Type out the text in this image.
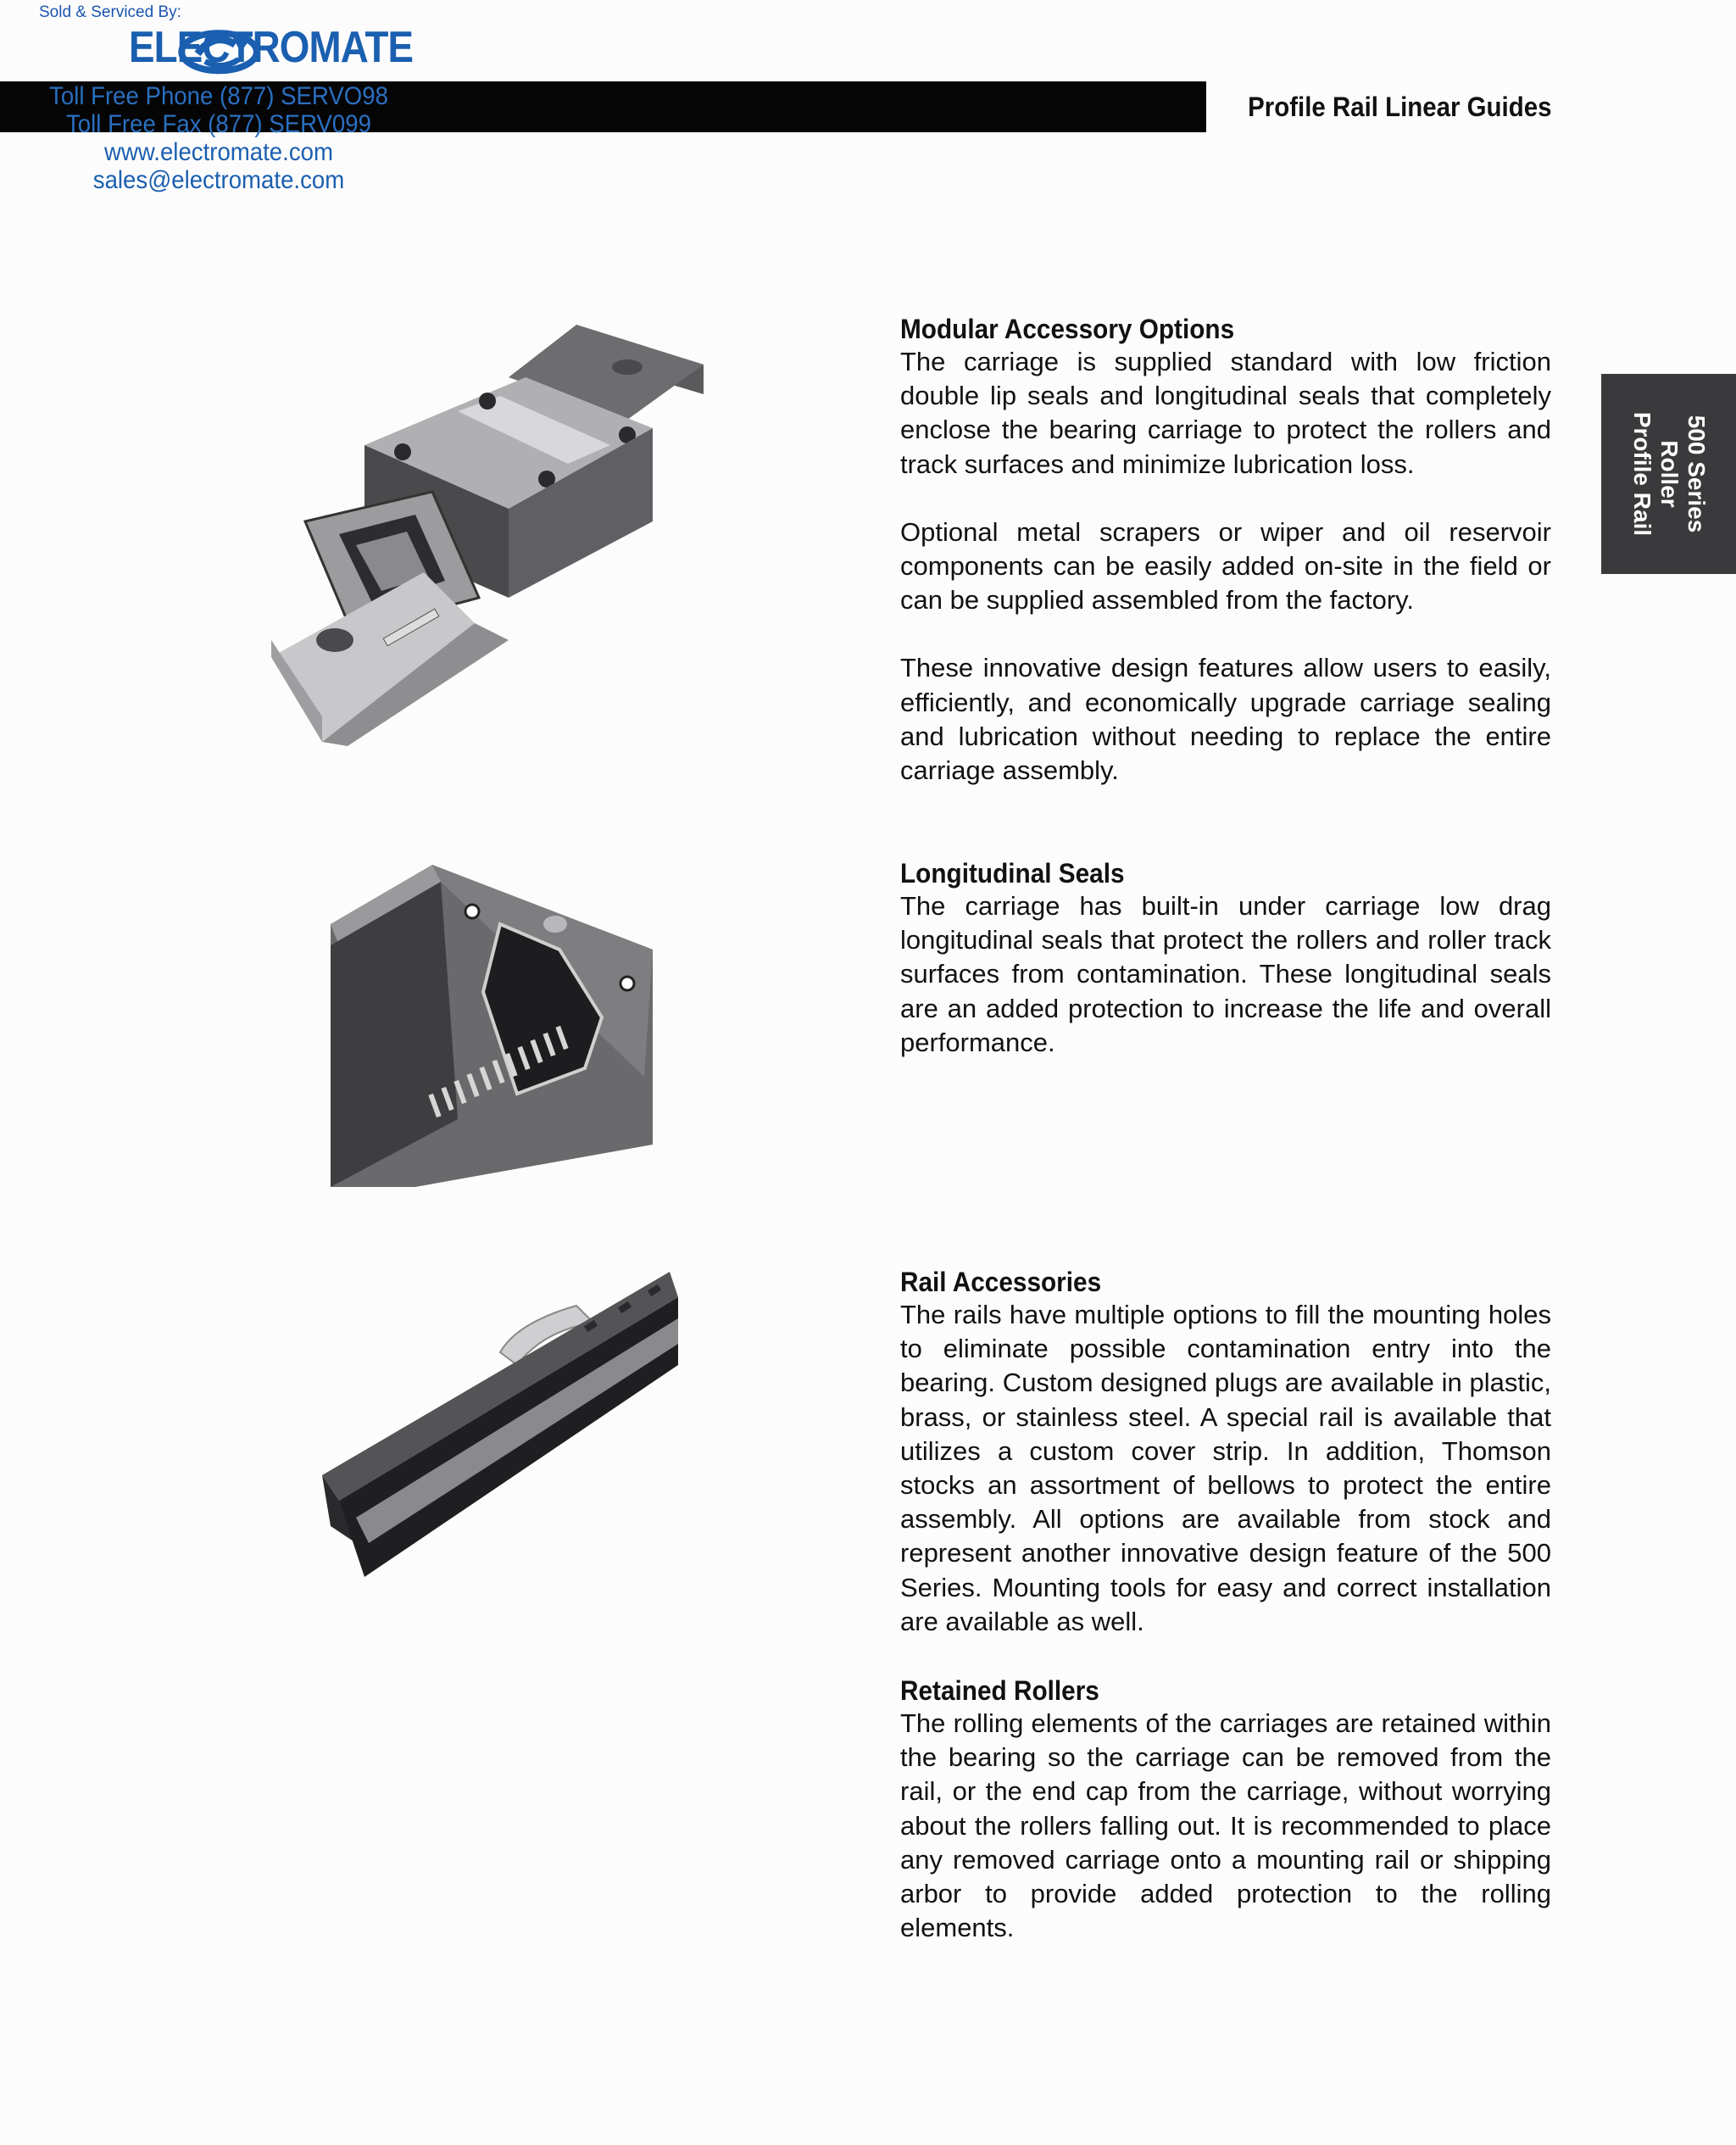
Sold & Serviced By:
ELECTROMATE
Toll Free Phone (877) SERVO98
Toll Free Fax (877) SERV099
www.electromate.com
sales@electromate.com
Profile Rail Linear Guides
500 Series Roller
Profile Rail
Modular Accessory Options

The carriage is supplied standard with low friction double lip seals and longitudinal seals that completely enclose the bearing carriage to protect the rollers and track surfaces and minimize lubrication loss.

Optional metal scrapers or wiper and oil reservoir components can be easily added on-site in the field or can be supplied assembled from the factory.

These innovative design features allow users to easily, efficiently, and economically upgrade carriage sealing and lubrication without needing to replace the entire carriage assembly.

Longitudinal Seals

The carriage has built-in under carriage low drag longitudinal seals that protect the rollers and roller track surfaces from contamination. These longitudinal seals are an added protection to increase the life and overall performance.

Rail Accessories

The rails have multiple options to fill the mounting holes to eliminate possible contamination entry into the bearing. Custom designed plugs are available in plastic, brass, or stainless steel. A special rail is available that utilizes a custom cover strip. In addition, Thomson stocks an assortment of bellows to protect the entire assembly. All options are available from stock and represent another innovative design feature of the 500 Series. Mounting tools for easy and correct installation are available as well.

Retained Rollers

The rolling elements of the carriages are retained within the bearing so the carriage can be removed from the rail, or the end cap from the carriage, without worrying about the rollers falling out. It is recommended to place any removed carriage onto a mounting rail or shipping arbor to provide added protection to the rolling elements.
